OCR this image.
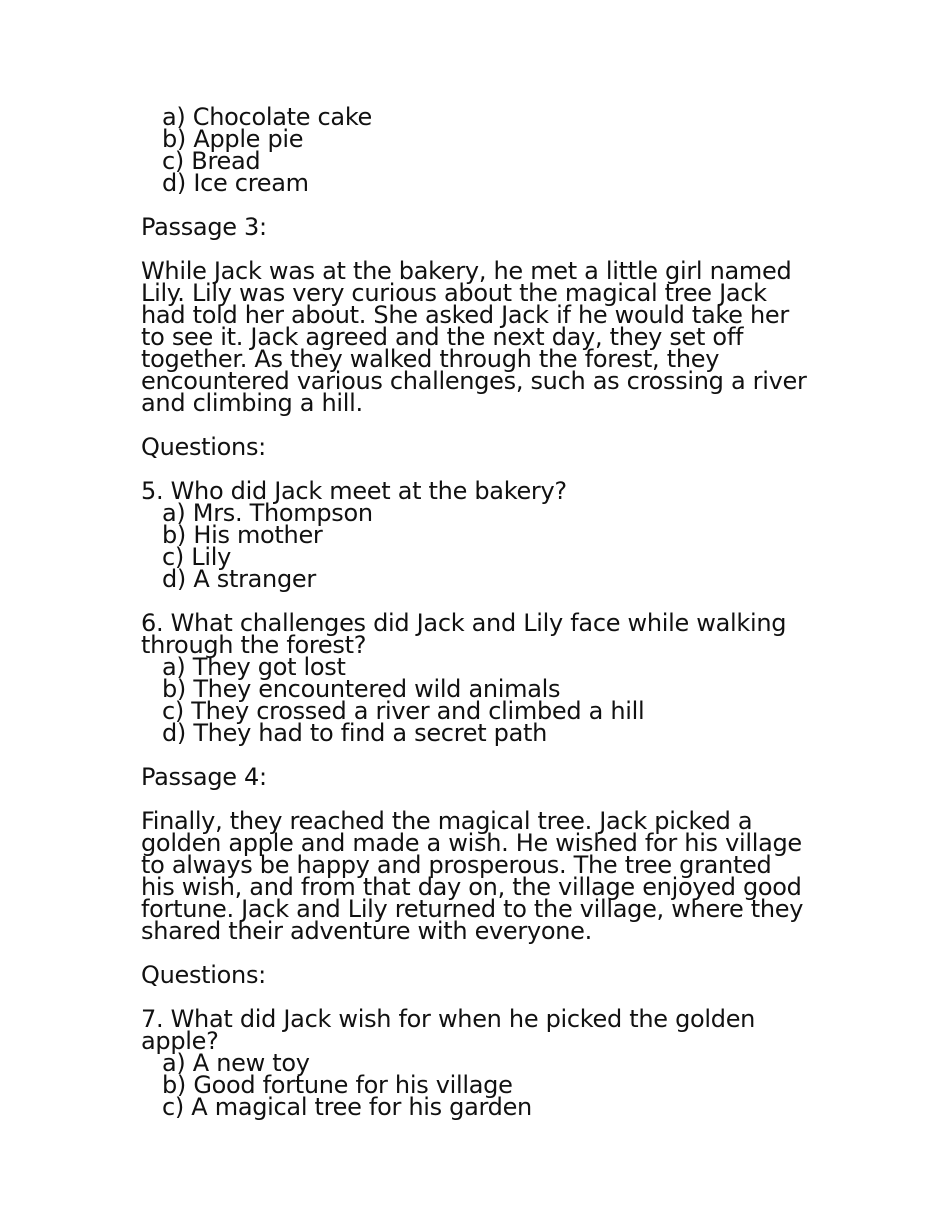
a) Chocolate cake
b) Apple pie
c) Bread
d) Ice cream
Passage 3:
While Jack was at the bakery, he met a little girl named
Lily. Lily was very curious about the magical tree Jack
had told her about. She asked Jack if he would take her
to see it. Jack agreed and the next day, they set off
together. As they walked through the forest, they
encountered various challenges, such as crossing a river
and climbing a hill.
Questions:
5. Who did Jack meet at the bakery?
a) Mrs. Thompson
b) His mother
c) Lily
d) A stranger
6. What challenges did Jack and Lily face while walking
through the forest?
a) They got lost
b) They encountered wild animals
c) They crossed a river and climbed a hill
d) They had to find a secret path
Passage 4:
Finally, they reached the magical tree. Jack picked a
golden apple and made a wish. He wished for his village
to always be happy and prosperous. The tree granted
his wish, and from that day on, the village enjoyed good
fortune. Jack and Lily returned to the village, where they
shared their adventure with everyone.
Questions:
7. What did Jack wish for when he picked the golden
apple?
a) A new toy
b) Good fortune for his village
c) A magical tree for his garden
